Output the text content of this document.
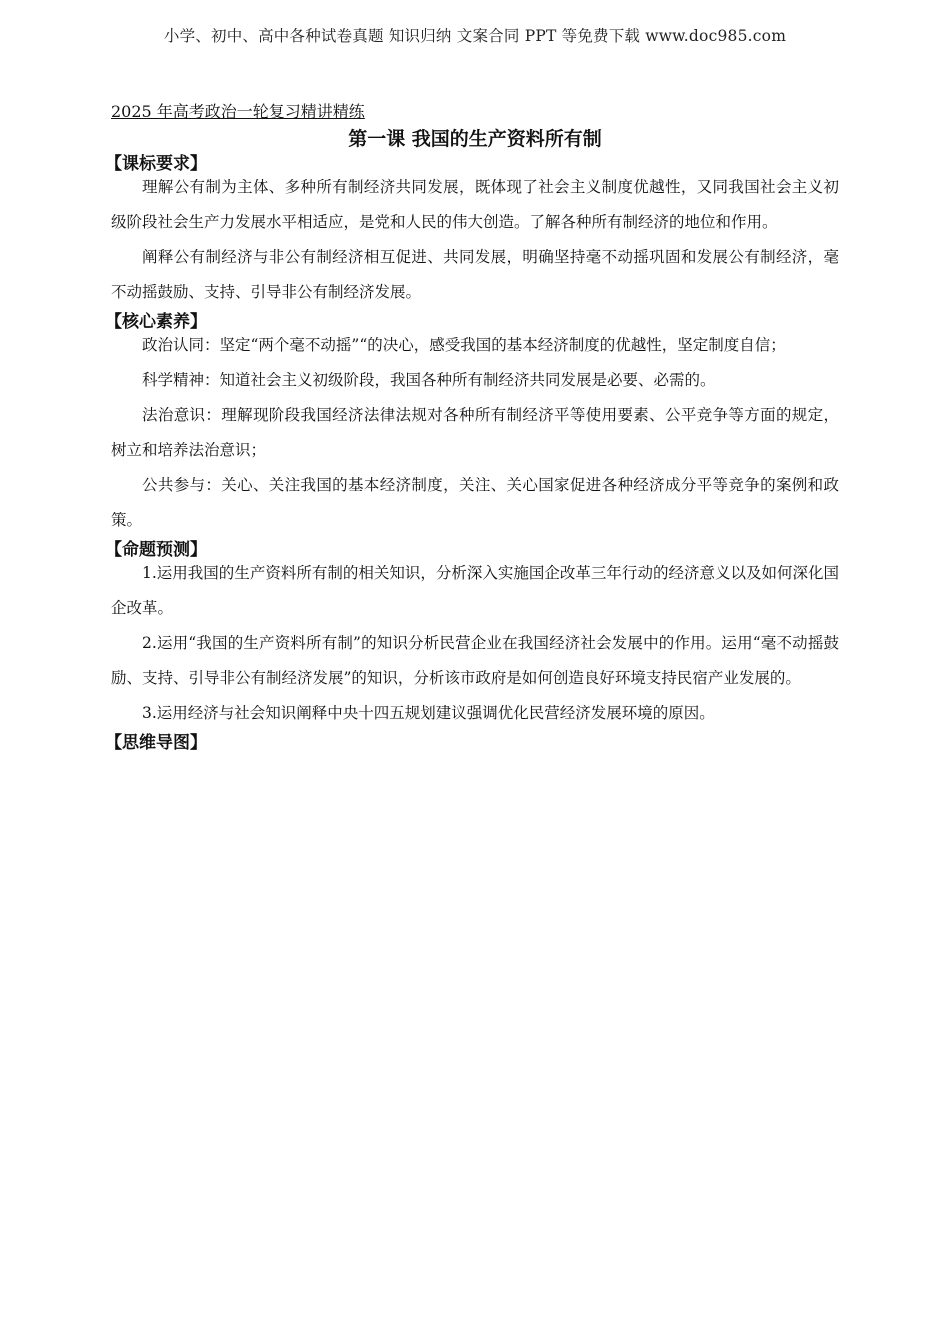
小学、初中、高中各种试卷真题 知识归纳 文案合同 PPT 等免费下载 www.doc985.com
2025 年高考政治一轮复习精讲精练
第一课 我国的生产资料所有制
【课标要求】

理解公有制为主体、多种所有制经济共同发展，既体现了社会主义制度优越性，又同我国社会主义初级阶段社会生产力发展水平相适应，是党和人民的伟大创造。了解各种所有制经济的地位和作用。

阐释公有制经济与非公有制经济相互促进、共同发展，明确坚持毫不动摇巩固和发展公有制经济，毫不动摇鼓励、支持、引导非公有制经济发展。

【核心素养】

政治认同：坚定“两个毫不动摇”“的决心，感受我国的基本经济制度的优越性，坚定制度自信；

科学精神：知道社会主义初级阶段，我国各种所有制经济共同发展是必要、必需的。

法治意识：理解现阶段我国经济法律法规对各种所有制经济平等使用要素、公平竞争等方面的规定，树立和培养法治意识；

公共参与：关心、关注我国的基本经济制度，关注、关心国家促进各种经济成分平等竞争的案例和政策。

【命题预测】

1.运用我国的生产资料所有制的相关知识，分析深入实施国企改革三年行动的经济意义以及如何深化国企改革。

2.运用“我国的生产资料所有制”的知识分析民营企业在我国经济社会发展中的作用。运用“毫不动摇鼓励、支持、引导非公有制经济发展”的知识，分析该市政府是如何创造良好环境支持民宿产业发展的。

3.运用经济与社会知识阐释中央十四五规划建议强调优化民营经济发展环境的原因。

【思维导图】
